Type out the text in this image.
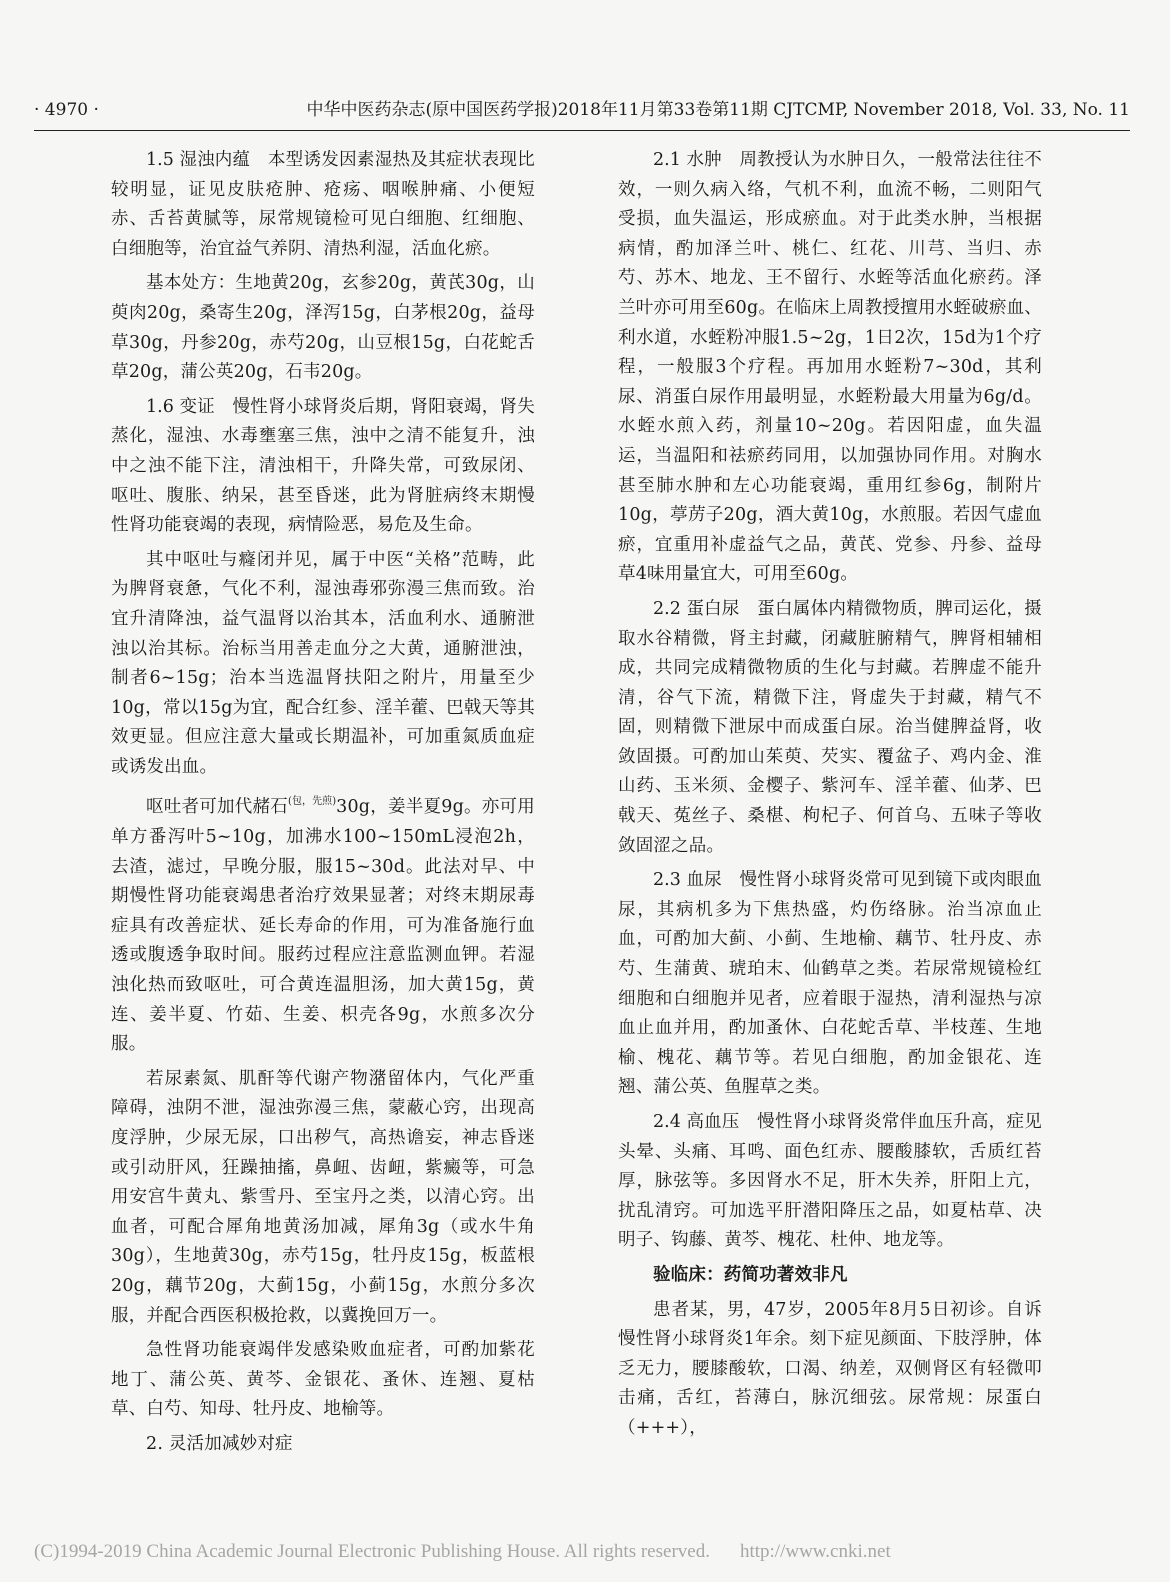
· 4970 ·	中华中医药杂志(原中国医药学报)2018年11月第33卷第11期 CJTCMP, November 2018, Vol. 33, No. 11

1.5 湿浊内蕴　本型诱发因素湿热及其症状表现比较明显，证见皮肤疮肿、疮疡、咽喉肿痛、小便短赤、舌苔黄腻等，尿常规镜检可见白细胞、红细胞、白细胞等，治宜益气养阴、清热利湿，活血化瘀。

基本处方：生地黄20g，玄参20g，黄芪30g，山萸肉20g，桑寄生20g，泽泻15g，白茅根20g，益母草30g，丹参20g，赤芍20g，山豆根15g，白花蛇舌草20g，蒲公英20g，石韦20g。

1.6 变证　慢性肾小球肾炎后期，肾阳衰竭，肾失蒸化，湿浊、水毒壅塞三焦，浊中之清不能复升，浊中之浊不能下注，清浊相干，升降失常，可致尿闭、呕吐、腹胀、纳呆，甚至昏迷，此为肾脏病终末期慢性肾功能衰竭的表现，病情险恶，易危及生命。

其中呕吐与癃闭并见，属于中医“关格”范畴，此为脾肾衰惫，气化不利，湿浊毒邪弥漫三焦而致。治宜升清降浊，益气温肾以治其本，活血利水、通腑泄浊以治其标。治标当用善走血分之大黄，通腑泄浊，制者6~15g；治本当选温肾扶阳之附片，用量至少10g，常以15g为宜，配合红参、淫羊藿、巴戟天等其效更显。但应注意大量或长期温补，可加重氮质血症或诱发出血。

呕吐者可加代赭石$^{(包,先煎)}$30g，姜半夏9g。亦可用单方番泻叶5~10g，加沸水100~150mL浸泡2h，去渣，滤过，早晚分服，服15~30d。此法对早、中期慢性肾功能衰竭患者治疗效果显著；对终末期尿毒症具有改善症状、延长寿命的作用，可为准备施行血透或腹透争取时间。服药过程应注意监测血钾。若湿浊化热而致呕吐，可合黄连温胆汤，加大黄15g，黄连、姜半夏、竹茹、生姜、枳壳各9g，水煎多次分服。

若尿素氮、肌酐等代谢产物潴留体内，气化严重障碍，浊阴不泄，湿浊弥漫三焦，蒙蔽心窍，出现高度浮肿，少尿无尿，口出秽气，高热谵妄，神志昏迷或引动肝风，狂躁抽搐，鼻衄、齿衄，紫癜等，可急用安宫牛黄丸、紫雪丹、至宝丹之类，以清心窍。出血者，可配合犀角地黄汤加减，犀角3g（或水牛角30g），生地黄30g，赤芍15g，牡丹皮15g，板蓝根20g，藕节20g，大蓟15g，小蓟15g，水煎分多次服，并配合西医积极抢救，以冀挽回万一。

急性肾功能衰竭伴发感染败血症者，可酌加紫花地丁、蒲公英、黄芩、金银花、蚤休、连翘、夏枯草、白芍、知母、牡丹皮、地榆等。

2. 灵活加减妙对症

2.1 水肿　周教授认为水肿日久，一般常法往往不效，一则久病入络，气机不利，血流不畅，二则阳气受损，血失温运，形成瘀血。对于此类水肿，当根据病情，酌加泽兰叶、桃仁、红花、川芎、当归、赤芍、苏木、地龙、王不留行、水蛭等活血化瘀药。泽兰叶亦可用至60g。在临床上周教授擅用水蛭破瘀血、利水道，水蛭粉冲服1.5~2g，1日2次，15d为1个疗程，一般服3个疗程。再加用水蛭粉7~30d，其利尿、消蛋白尿作用最明显，水蛭粉最大用量为6g/d。水蛭水煎入药，剂量10~20g。若因阳虚，血失温运，当温阳和祛瘀药同用，以加强协同作用。对胸水甚至肺水肿和左心功能衰竭，重用红参6g，制附片10g，葶苈子20g，酒大黄10g，水煎服。若因气虚血瘀，宜重用补虚益气之品，黄芪、党参、丹参、益母草4味用量宜大，可用至60g。

2.2 蛋白尿　蛋白属体内精微物质，脾司运化，摄取水谷精微，肾主封藏，闭藏脏腑精气，脾肾相辅相成，共同完成精微物质的生化与封藏。若脾虚不能升清，谷气下流，精微下注，肾虚失于封藏，精气不固，则精微下泄尿中而成蛋白尿。治当健脾益肾，收敛固摄。可酌加山茱萸、芡实、覆盆子、鸡内金、淮山药、玉米须、金樱子、紫河车、淫羊藿、仙茅、巴戟天、菟丝子、桑椹、枸杞子、何首乌、五味子等收敛固涩之品。

2.3 血尿　慢性肾小球肾炎常可见到镜下或肉眼血尿，其病机多为下焦热盛，灼伤络脉。治当凉血止血，可酌加大蓟、小蓟、生地榆、藕节、牡丹皮、赤芍、生蒲黄、琥珀末、仙鹤草之类。若尿常规镜检红细胞和白细胞并见者，应着眼于湿热，清利湿热与凉血止血并用，酌加蚤休、白花蛇舌草、半枝莲、生地榆、槐花、藕节等。若见白细胞，酌加金银花、连翘、蒲公英、鱼腥草之类。

2.4 高血压　慢性肾小球肾炎常伴血压升高，症见头晕、头痛、耳鸣、面色红赤、腰酸膝软，舌质红苔厚，脉弦等。多因肾水不足，肝木失养，肝阳上亢，扰乱清窍。可加选平肝潜阳降压之品，如夏枯草、决明子、钩藤、黄芩、槐花、杜仲、地龙等。

验临床：药简功著效非凡

患者某，男，47岁，2005年8月5日初诊。自诉慢性肾小球肾炎1年余。刻下症见颜面、下肢浮肿，体乏无力，腰膝酸软，口渴、纳差，双侧肾区有轻微叩击痛，舌红，苔薄白，脉沉细弦。尿常规：尿蛋白（+++），

(C)1994-2019 China Academic Journal Electronic Publishing House. All rights reserved. http://www.cnki.net
